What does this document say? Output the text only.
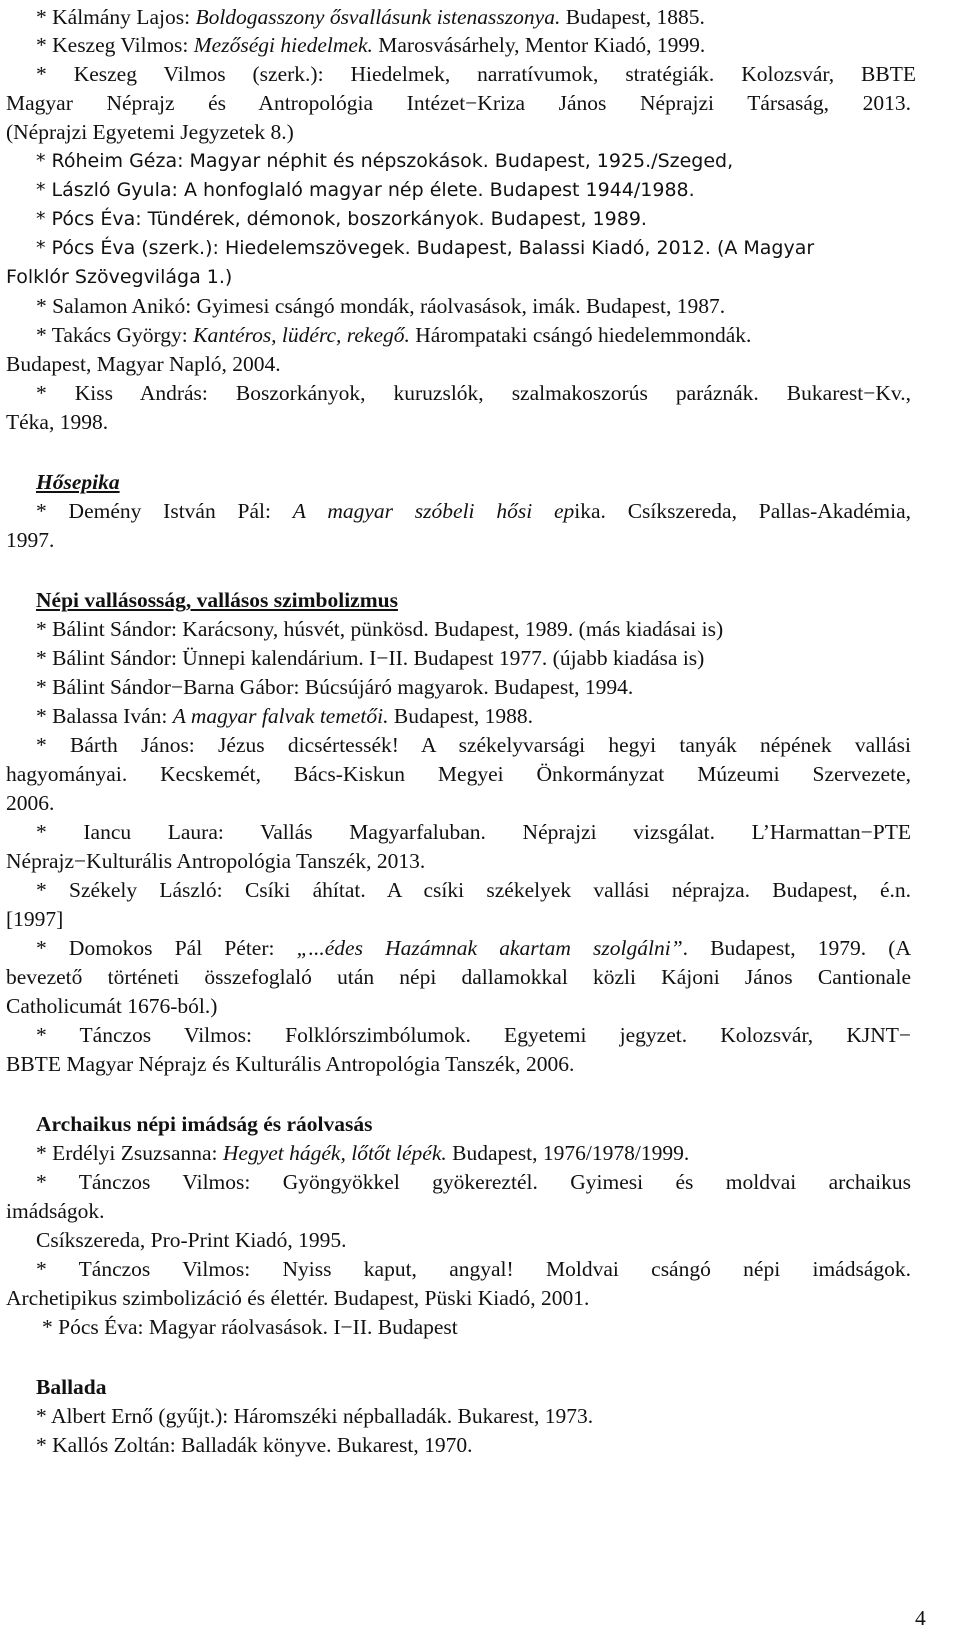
* Kálmány Lajos: Boldogasszony ősvallásunk istenasszonya. Budapest, 1885.
* Keszeg Vilmos: Mezőségi hiedelmek. Marosvásárhely, Mentor Kiadó, 1999.
* Keszeg Vilmos (szerk.): Hiedelmek, narratívumok, stratégiák. Kolozsvár, BBTE
Magyar Néprajz és Antropológia Intézet−Kriza János Néprajzi Társaság, 2013.
(Néprajzi Egyetemi Jegyzetek 8.)
* Róheim Géza: Magyar néphit és népszokások. Budapest, 1925./Szeged,
* László Gyula: A honfoglaló magyar nép élete. Budapest 1944/1988.
* Pócs Éva: Tündérek, démonok, boszorkányok. Budapest, 1989.
* Pócs Éva (szerk.): Hiedelemszövegek. Budapest, Balassi Kiadó, 2012. (A Magyar
Folklór Szövegvilága 1.)
* Salamon Anikó: Gyimesi csángó mondák, ráolvasások, imák. Budapest, 1987.
* Takács György: Kantéros, lüdérc, rekegő. Hárompataki csángó hiedelemmondák.
Budapest, Magyar Napló, 2004.
* Kiss András: Boszorkányok, kuruzslók, szalmakoszorús paráznák. Bukarest−Kv.,
Téka, 1998.
Hősepika
* Demény István Pál: A magyar szóbeli hősi epika. Csíkszereda, Pallas-Akadémia,
1997.
Népi vallásosság, vallásos szimbolizmus
* Bálint Sándor: Karácsony, húsvét, pünkösd. Budapest, 1989. (más kiadásai is)
* Bálint Sándor: Ünnepi kalendárium. I−II. Budapest 1977. (újabb kiadása is)
* Bálint Sándor−Barna Gábor: Búcsújáró magyarok. Budapest, 1994.
* Balassa Iván: A magyar falvak temetői. Budapest, 1988.
* Bárth János: Jézus dicsértessék! A székelyvarsági hegyi tanyák népének vallási
hagyományai. Kecskemét, Bács-Kiskun Megyei Önkormányzat Múzeumi Szervezete,
2006.
* Iancu Laura: Vallás Magyarfaluban. Néprajzi vizsgálat. L’Harmattan−PTE
Néprajz−Kulturális Antropológia Tanszék, 2013.
* Székely László: Csíki áhítat. A csíki székelyek vallási néprajza. Budapest, é.n.
[1997]
* Domokos Pál Péter: „...édes Hazámnak akartam szolgálni”. Budapest, 1979. (A
bevezető történeti összefoglaló után népi dallamokkal közli Kájoni János Cantionale
Catholicumát 1676-ból.)
* Tánczos Vilmos: Folklórszimbólumok. Egyetemi jegyzet. Kolozsvár, KJNT−
BBTE Magyar Néprajz és Kulturális Antropológia Tanszék, 2006.
Archaikus népi imádság és ráolvasás
* Erdélyi Zsuzsanna: Hegyet hágék, lőtőt lépék. Budapest, 1976/1978/1999.
* Tánczos Vilmos: Gyöngyökkel gyökereztél. Gyimesi és moldvai archaikus
imádságok.
Csíkszereda, Pro-Print Kiadó, 1995.
* Tánczos Vilmos: Nyiss kaput, angyal! Moldvai csángó népi imádságok.
Archetipikus szimbolizáció és élettér. Budapest, Püski Kiadó, 2001.
* Pócs Éva: Magyar ráolvasások. I−II. Budapest
Ballada
* Albert Ernő (gyűjt.): Háromszéki népballadák. Bukarest, 1973.
* Kallós Zoltán: Balladák könyve. Bukarest, 1970.
4
